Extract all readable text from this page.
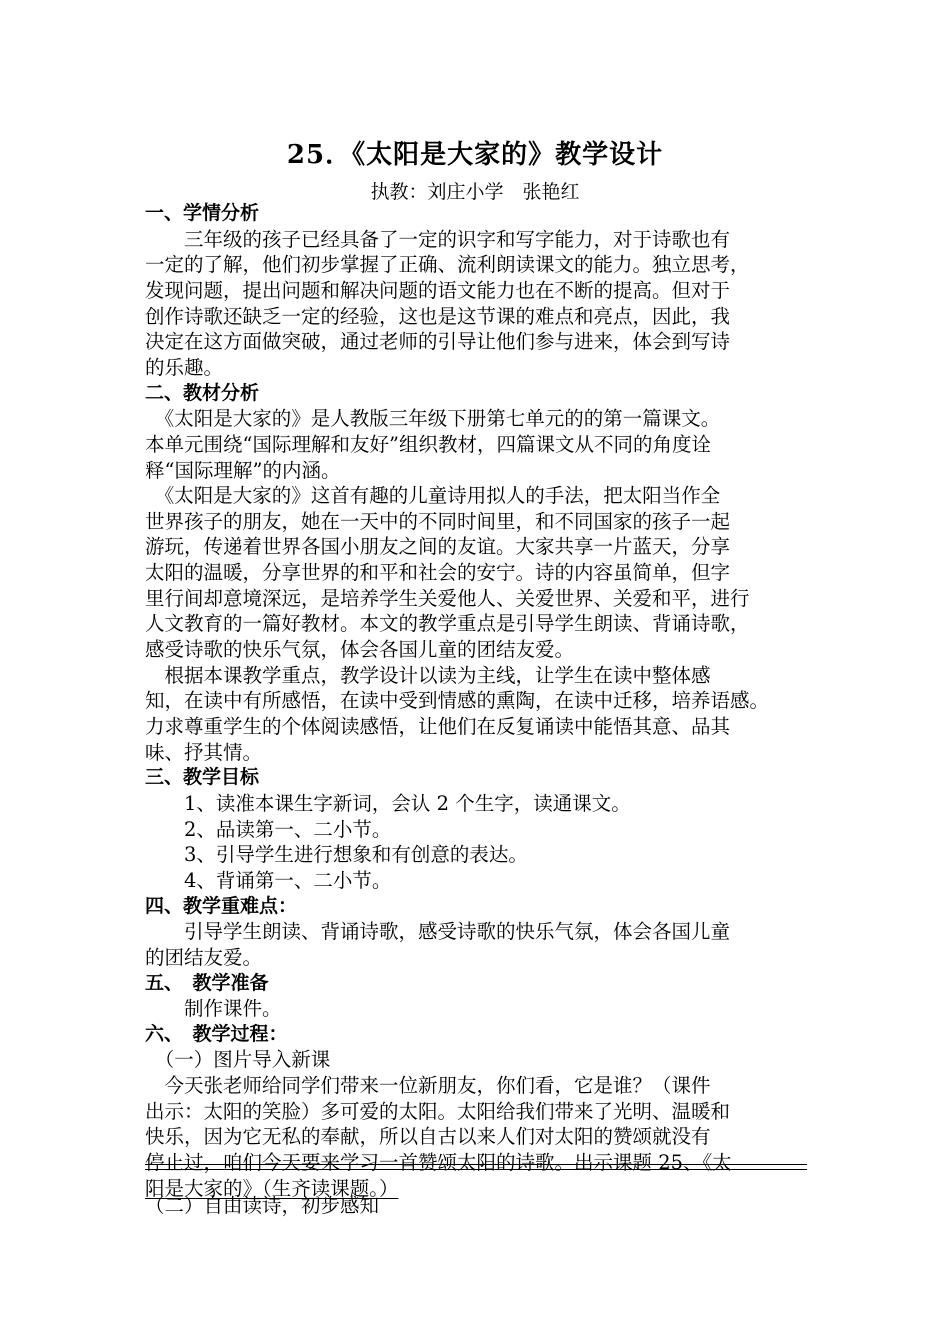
25．《太阳是大家的》教学设计
执教：刘庄小学　张艳红
一、学情分析
　　三年级的孩子已经具备了一定的识字和写字能力，对于诗歌也有
一定的了解，他们初步掌握了正确、流利朗读课文的能力。独立思考，
发现问题，提出问题和解决问题的语文能力也在不断的提高。但对于
创作诗歌还缺乏一定的经验，这也是这节课的难点和亮点，因此，我
决定在这方面做突破，通过老师的引导让他们参与进来，体会到写诗
的乐趣。
二、教材分析
　《太阳是大家的》是人教版三年级下册第七单元的的第一篇课文。
本单元围绕“国际理解和友好”组织教材，四篇课文从不同的角度诠
释“国际理解”的内涵。
　《太阳是大家的》这首有趣的儿童诗用拟人的手法，把太阳当作全
世界孩子的朋友，她在一天中的不同时间里，和不同国家的孩子一起
游玩，传递着世界各国小朋友之间的友谊。大家共享一片蓝天，分享
太阳的温暖，分享世界的和平和社会的安宁。诗的内容虽简单，但字
里行间却意境深远，是培养学生关爱他人、关爱世界、关爱和平，进行
人文教育的一篇好教材。本文的教学重点是引导学生朗读、背诵诗歌，
感受诗歌的快乐气氛，体会各国儿童的团结友爱。
　根据本课教学重点，教学设计以读为主线，让学生在读中整体感
知，在读中有所感悟，在读中受到情感的熏陶，在读中迁移，培养语感。
力求尊重学生的个体阅读感悟，让他们在反复诵读中能悟其意、品其
味、抒其情。
三、教学目标
　　1、读准本课生字新词，会认 2 个生字，读通课文。
　　2、品读第一、二小节。
　　3、引导学生进行想象和有创意的表达。
　　4、背诵第一、二小节。
四、教学重难点：
　　引导学生朗读、背诵诗歌，感受诗歌的快乐气氛，体会各国儿童
的团结友爱。
五、　教学准备
　　制作课件。
六、　教学过程：
　（一）图片导入新课
　今天张老师给同学们带来一位新朋友，你们看，它是谁？（课件
出示：太阳的笑脸）多可爱的太阳。太阳给我们带来了光明、温暖和
快乐，因为它无私的奉献，所以自古以来人们对太阳的赞颂就没有
停止过，咱们今天要来学习一首赞颂太阳的诗歌。出示课题 25、《太
阳是大家的》（生齐读课题。）
（二）自由读诗，初步感知
